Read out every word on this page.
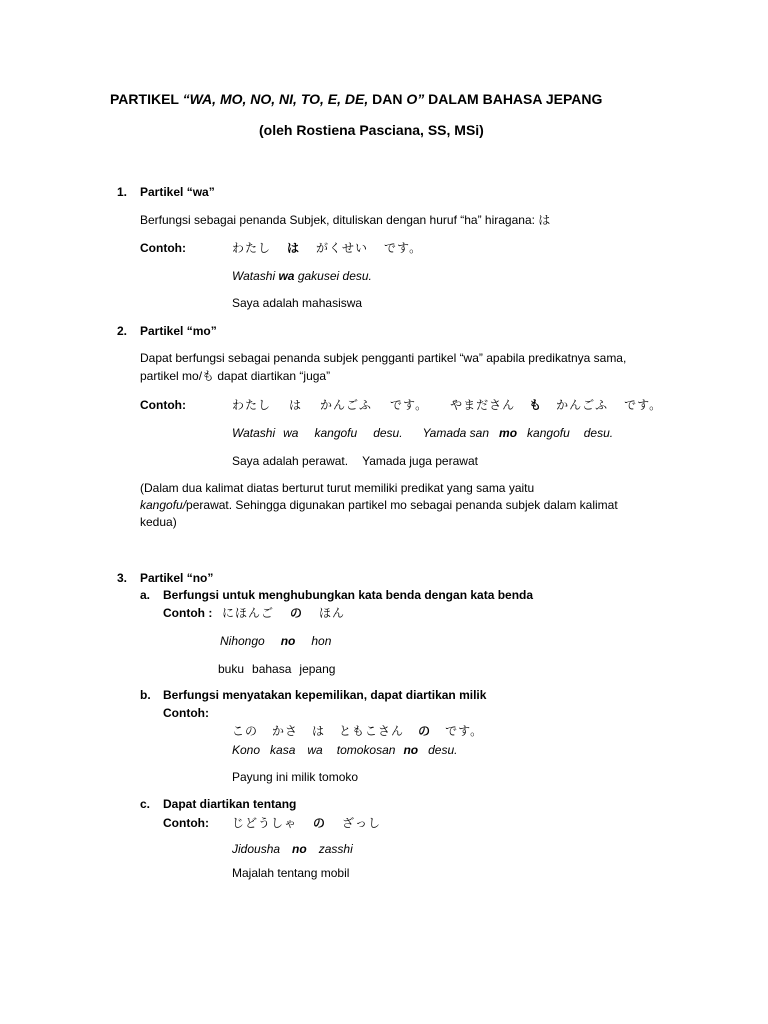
PARTIKEL “WA, MO, NO, NI, TO, E, DE, DAN O” DALAM BAHASA JEPANG
(oleh Rostiena Pasciana, SS, MSi)
1. Partikel “wa”
Berfungsi sebagai penanda Subjek, dituliskan dengan huruf “ha” hiragana: は
Contoh:	わたし は がくせい です。
Watashi wa gakusei desu.
Saya adalah mahasiswa
2. Partikel “mo”
Dapat berfungsi sebagai penanda subjek pengganti partikel “wa” apabila predikatnya sama,
partikel mo/も dapat diartikan “juga”
Contoh:	わたし は かんごふ です。 やまださん も かんごふ です。
Watashi wa kangofu desu. Yamada san mo kangofu desu.
Saya adalah perawat. Yamada juga perawat
(Dalam dua kalimat diatas berturut turut memiliki predikat yang sama yaitu
kangofu/perawat. Sehingga digunakan partikel mo sebagai penanda subjek dalam kalimat
kedua)
3. Partikel “no”
a. Berfungsi untuk menghubungkan kata benda dengan kata benda
Contoh : にほんご の ほん
Nihongo no hon
buku bahasa jepang
b. Berfungsi menyatakan kepemilikan, dapat diartikan milik
Contoh:
この かさ は ともこさん の です。
Kono kasa wa tomokosan no desu.
Payung ini milik tomoko
c. Dapat diartikan tentang
Contoh: じどうしゃ の ざっし
Jidousha no zasshi
Majalah tentang mobil
